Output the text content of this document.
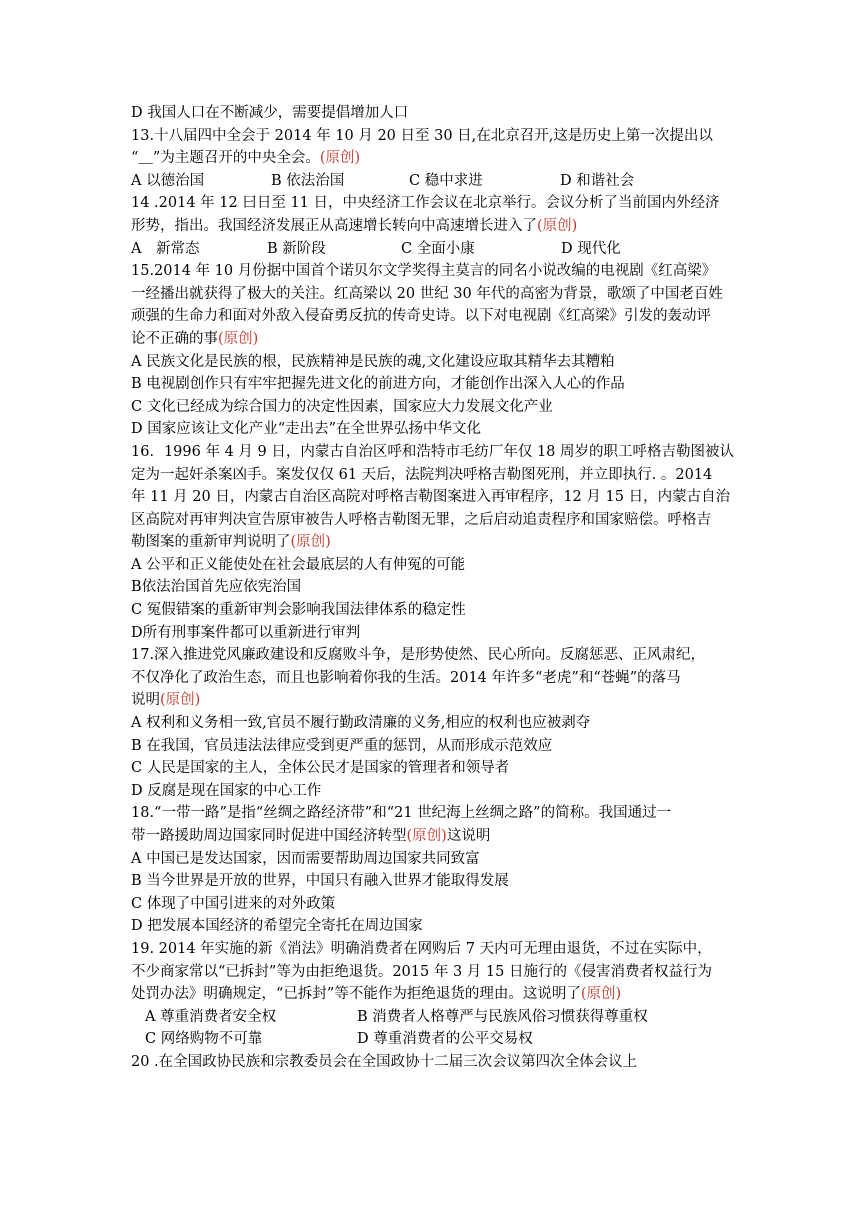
D 我国人口在不断减少，需要提倡增加人口
13.十八届四中全会于 2014 年 10 月 20 日至 30 日,在北京召开,这是历史上第一次提出以
“＿”为主题召开的中央全会。(原创)
A 以德治国	B 依法治国	C 稳中求进	D 和谐社会
14 .2014 年 12 曰日至 11 日，中央经济工作会议在北京举行。会议分析了当前国内外经济
形势，指出。我国经济发展正从高速增长转向中高速增长进入了(原创)
A　新常态	B 新阶段	C 全面小康	D 现代化
15.2014 年 10 月份据中国首个诺贝尔文学奖得主莫言的同名小说改编的电视剧《红高梁》
一经播出就获得了极大的关注。红高梁以 20 世纪 30 年代的高密为背景，歌颂了中国老百姓
顽强的生命力和面对外敌入侵奋勇反抗的传奇史诗。以下对电视剧《红高梁》引发的轰动评
论不正确的事(原创)
A 民族文化是民族的根，民族精神是民族的魂,文化建设应取其精华去其糟粕
B 电视剧创作只有牢牢把握先进文化的前进方向，才能创作出深入人心的作品
C 文化已经成为综合国力的决定性因素，国家应大力发展文化产业
D 国家应该让文化产业“走出去”在全世界弘扬中华文化
16．1996 年 4 月 9 日，内蒙古自治区呼和浩特市毛纺厂年仅 18 周岁的职工呼格吉勒图被认
定为一起奸杀案凶手。案发仅仅 61 天后，法院判决呼格吉勒图死刑，并立即执行. 。2014
年 11 月 20 日，内蒙古自治区高院对呼格吉勒图案进入再审程序，12 月 15 日，内蒙古自治
区高院对再审判决宣告原审被告人呼格吉勒图无罪，之后启动追责程序和国家赔偿。呼格吉
勒图案的重新审判说明了(原创)
A 公平和正义能使处在社会最底层的人有伸冤的可能
B依法治国首先应依宪治国
C 冤假错案的重新审判会影响我国法律体系的稳定性
D所有刑事案件都可以重新进行审判
17.深入推进党风廉政建设和反腐败斗争，是形势使然、民心所向。反腐惩恶、正风肃纪，
不仅净化了政治生态，而且也影响着你我的生活。2014 年许多“老虎”和“苍蝇”的落马
说明(原创)
A 权利和义务相一致,官员不履行勤政清廉的义务,相应的权利也应被剥夺
B 在我国，官员违法法律应受到更严重的惩罚，从而形成示范效应
C 人民是国家的主人，全体公民才是国家的管理者和领导者
D 反腐是现在国家的中心工作
18.“一带一路”是指“丝绸之路经济带”和“21 世纪海上丝绸之路”的简称。我国通过一
带一路援助周边国家同时促进中国经济转型(原创)这说明
A 中国已是发达国家，因而需要帮助周边国家共同致富
B 当今世界是开放的世界，中国只有融入世界才能取得发展
C 体现了中国引进来的对外政策
D 把发展本国经济的希望完全寄托在周边国家
19. 2014 年实施的新《消法》明确消费者在网购后 7 天内可无理由退货，不过在实际中，
不少商家常以“已拆封”等为由拒绝退货。2015 年 3 月 15 日施行的《侵害消费者权益行为
处罚办法》明确规定，“已拆封”等不能作为拒绝退货的理由。这说明了(原创)
A 尊重消费者安全权	B 消费者人格尊严与民族风俗习惯获得尊重权
C 网络购物不可靠	D 尊重消费者的公平交易权
20 .在全国政协民族和宗教委员会在全国政协十二届三次会议第四次全体会议上
